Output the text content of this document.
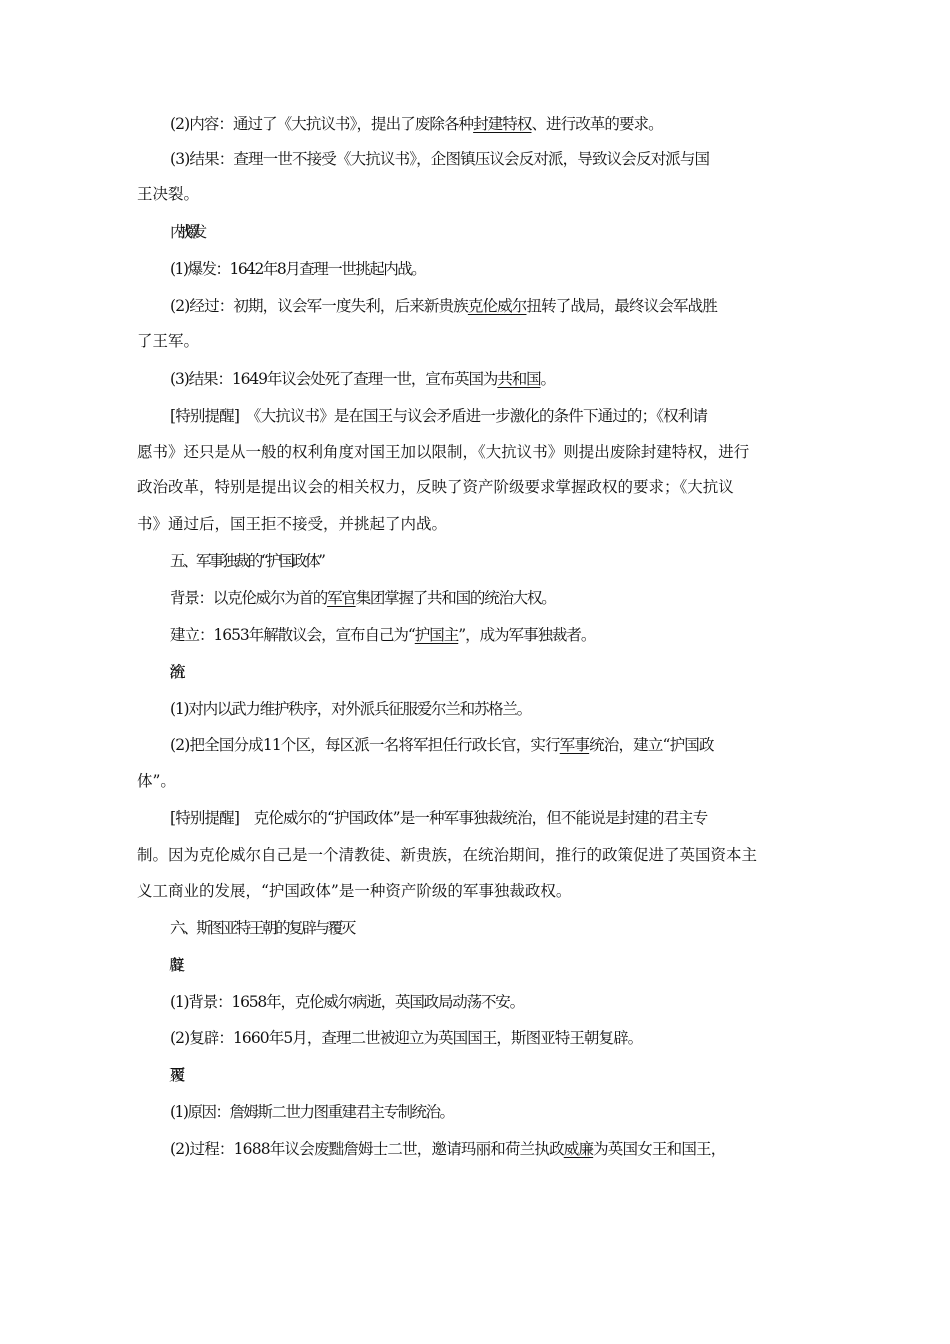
(2)内容：通过了《大抗议书》，提出了废除各种封建特权、进行改革的要求。
(3)结果：查理一世不接受《大抗议书》，企图镇压议会反对派，导致议会反对派与国
王决裂。
内战爆发
(1)爆发：1642年8月查理一世挑起内战。
(2)经过：初期，议会军一度失利，后来新贵族克伦威尔扭转了战局，最终议会军战胜
了王军。
(3)结果：1649年议会处死了查理一世，宣布英国为共和国。
[特别提醒]　《大抗议书》是在国王与议会矛盾进一步激化的条件下通过的；《权利请
愿书》还只是从一般的权利角度对国王加以限制，《大抗议书》则提出废除封建特权，进行
政治改革，特别是提出议会的相关权力，反映了资产阶级要求掌握政权的要求；《大抗议
书》通过后，国王拒不接受，并挑起了内战。
五、军事独裁的“护国政体”
背景：以克伦威尔为首的军官集团掌握了共和国的统治大权。
建立：1653年解散议会，宣布自己为“护国主”，成为军事独裁者。
(1)对内以武力维护秩序，对外派兵征服爱尔兰和苏格兰。
(2)把全国分成11个区，每区派一名将军担任行政长官，实行军事统治，建立“护国政
体”。
[特别提醒]　克伦威尔的“护国政体”是一种军事独裁统治，但不能说是封建的君主专
制。因为克伦威尔自己是一个清教徒、新贵族，在统治期间，推行的政策促进了英国资本主
义工商业的发展，“护国政体”是一种资产阶级的军事独裁政权。
六、斯图亚特王朝的复辟与覆灭
(1)背景：1658年，克伦威尔病逝，英国政局动荡不安。
(2)复辟：1660年5月，查理二世被迎立为英国国王，斯图亚特王朝复辟。
(1)原因：詹姆斯二世力图重建君主专制统治。
(2)过程：1688年议会废黜詹姆士二世，邀请玛丽和荷兰执政威廉为英国女王和国王，
